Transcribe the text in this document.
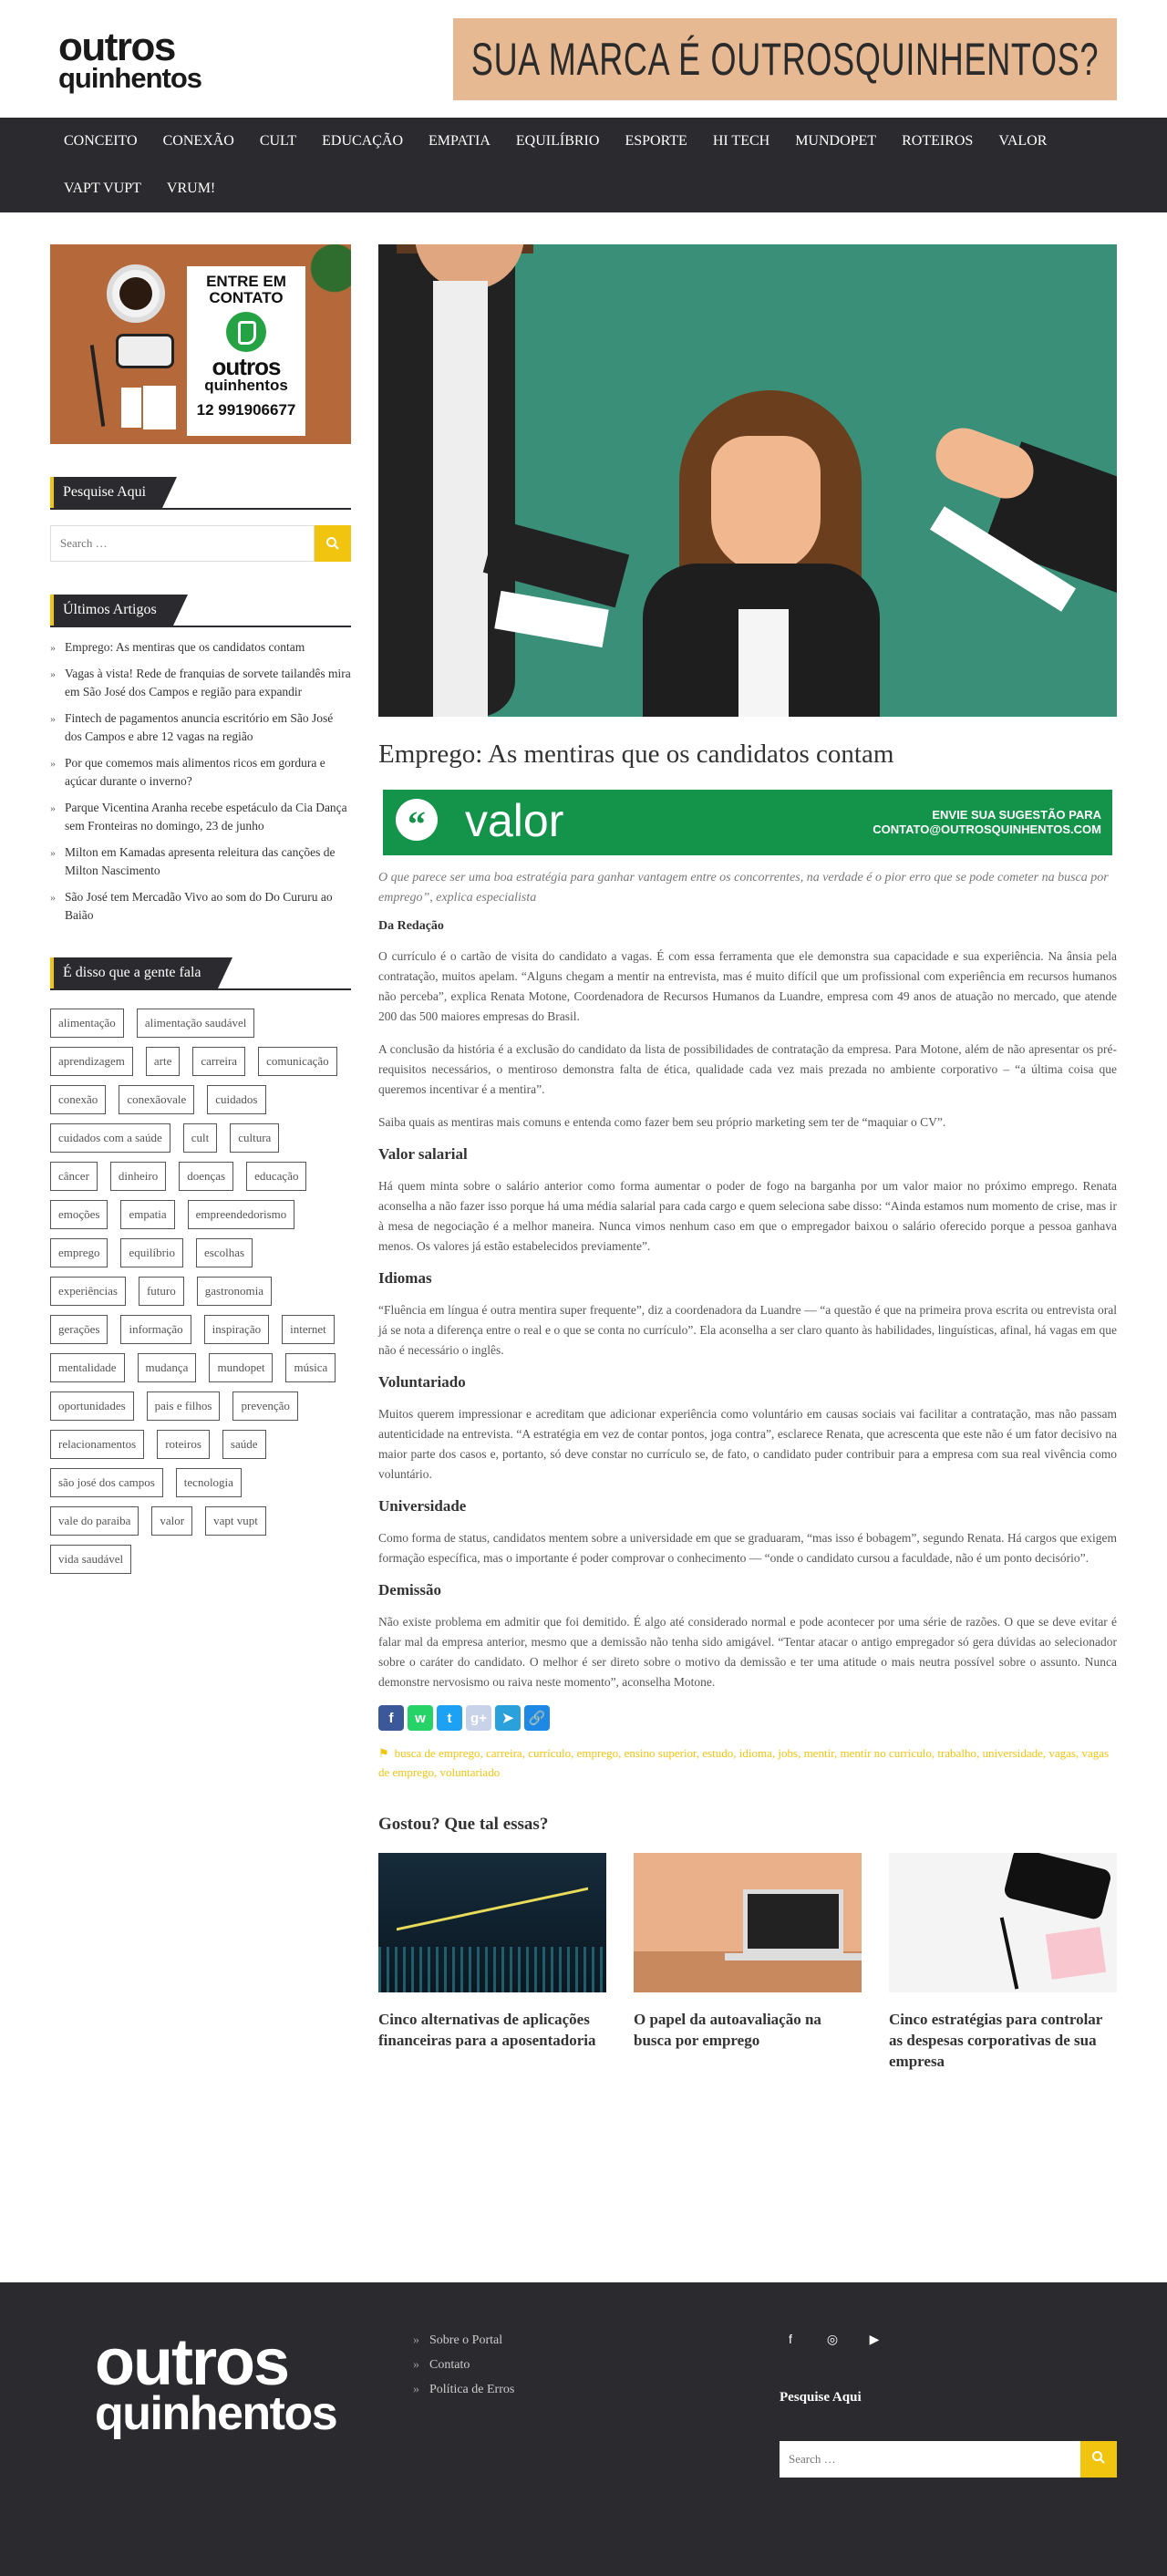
outros
quinhentos	SUA MARCA É OUTROSQUINHENTOS?
CONCEITO	CONEXÃO	CULT	EDUCAÇÃO	EMPATIA	EQUILÍBRIO	ESPORTE	HI TECH	MUNDOPET	ROTEIROS	VALOR
VAPT VUPT	VRUM!
ENTRE EM
CONTATO
outros
quinhentos
12 991906677
Pesquise Aqui
Search …
Últimos Artigos
» Emprego: As mentiras que os candidatos contam
» Vagas à vista! Rede de franquias de sorvete tailandês mira em São José dos Campos e região para expandir
» Fintech de pagamentos anuncia escritório em São José dos Campos e abre 12 vagas na região
» Por que comemos mais alimentos ricos em gordura e açúcar durante o inverno?
» Parque Vicentina Aranha recebe espetáculo da Cia Dança sem Fronteiras no domingo, 23 de junho
» Milton em Kamadas apresenta releitura das canções de Milton Nascimento
» São José tem Mercadão Vivo ao som do Do Cururu ao Baião
É disso que a gente fala
alimentação	alimentação saudável
aprendizagem	arte	carreira	comunicação
conexão	conexãovale	cuidados
cuidados com a saúde	cult	cultura
câncer	dinheiro	doenças	educação
emoções	empatia	empreendedorismo
emprego	equilíbrio	escolhas
experiências	futuro	gastronomia
gerações	informação	inspiração	internet
mentalidade	mudança	mundopet	música
oportunidades	pais e filhos	prevenção
relacionamentos	roteiros	saúde
são josé dos campos	tecnologia
vale do paraiba	valor	vapt vupt
vida saudável
Emprego: As mentiras que os candidatos contam
“ valor	ENVIE SUA SUGESTÃO PARA
CONTATO@OUTROSQUINHENTOS.COM

O que parece ser uma boa estratégia para ganhar vantagem entre os concorrentes, na verdade é o pior erro que se pode cometer na busca por emprego”, explica especialista

Da Redação

O currículo é o cartão de visita do candidato a vagas. É com essa ferramenta que ele demonstra sua capacidade e sua experiência. Na ânsia pela contratação, muitos apelam. “Alguns chegam a mentir na entrevista, mas é muito difícil que um profissional com experiência em recursos humanos não perceba”, explica Renata Motone, Coordenadora de Recursos Humanos da Luandre, empresa com 49 anos de atuação no mercado, que atende 200 das 500 maiores empresas do Brasil.

A conclusão da história é a exclusão do candidato da lista de possibilidades de contratação da empresa. Para Motone, além de não apresentar os pré-requisitos necessários, o mentiroso demonstra falta de ética, qualidade cada vez mais prezada no ambiente corporativo – “a última coisa que queremos incentivar é a mentira”.

Saiba quais as mentiras mais comuns e entenda como fazer bem seu próprio marketing sem ter de “maquiar o CV”.

Valor salarial

Há quem minta sobre o salário anterior como forma aumentar o poder de fogo na barganha por um valor maior no próximo emprego. Renata aconselha a não fazer isso porque há uma média salarial para cada cargo e quem seleciona sabe disso: “Ainda estamos num momento de crise, mas ir à mesa de negociação é a melhor maneira. Nunca vimos nenhum caso em que o empregador baixou o salário oferecido porque a pessoa ganhava menos. Os valores já estão estabelecidos previamente”.

Idiomas

“Fluência em língua é outra mentira super frequente”, diz a coordenadora da Luandre — “a questão é que na primeira prova escrita ou entrevista oral já se nota a diferença entre o real e o que se conta no currículo”. Ela aconselha a ser claro quanto às habilidades, linguísticas, afinal, há vagas em que não é necessário o inglês.

Voluntariado

Muitos querem impressionar e acreditam que adicionar experiência como voluntário em causas sociais vai facilitar a contratação, mas não passam autenticidade na entrevista. “A estratégia em vez de contar pontos, joga contra”, esclarece Renata, que acrescenta que este não é um fator decisivo na maior parte dos casos e, portanto, só deve constar no currículo se, de fato, o candidato puder contribuir para a empresa com sua real vivência como voluntário.

Universidade

Como forma de status, candidatos mentem sobre a universidade em que se graduaram, “mas isso é bobagem”, segundo Renata. Há cargos que exigem formação específica, mas o importante é poder comprovar o conhecimento — “onde o candidato cursou a faculdade, não é um ponto decisório”.

Demissão

Não existe problema em admitir que foi demitido. É algo até considerado normal e pode acontecer por uma série de razões. O que se deve evitar é falar mal da empresa anterior, mesmo que a demissão não tenha sido amigável. “Tentar atacar o antigo empregador só gera dúvidas ao selecionador sobre o caráter do candidato. O melhor é ser direto sobre o motivo da demissão e ter uma atitude o mais neutra possível sobre o assunto. Nunca demonstre nervosismo ou raiva neste momento”, aconselha Motone.

f	w	t	g+	➤	🔗

⚑ busca de emprego, carreira, currículo, emprego, ensino superior, estudo, idioma, jobs, mentir, mentir no curriculo, trabalho, universidade, vagas, vagas de emprego, voluntariado

Gostou? Que tal essas?
Cinco alternativas de aplicações financeiras para a aposentadoria
O papel da autoavaliação na busca por emprego
Cinco estratégias para controlar as despesas corporativas de sua empresa
outros
quinhentos
» Sobre o Portal
» Contato
» Política de Erros
f	◎	▶
Pesquise Aqui
Search …
